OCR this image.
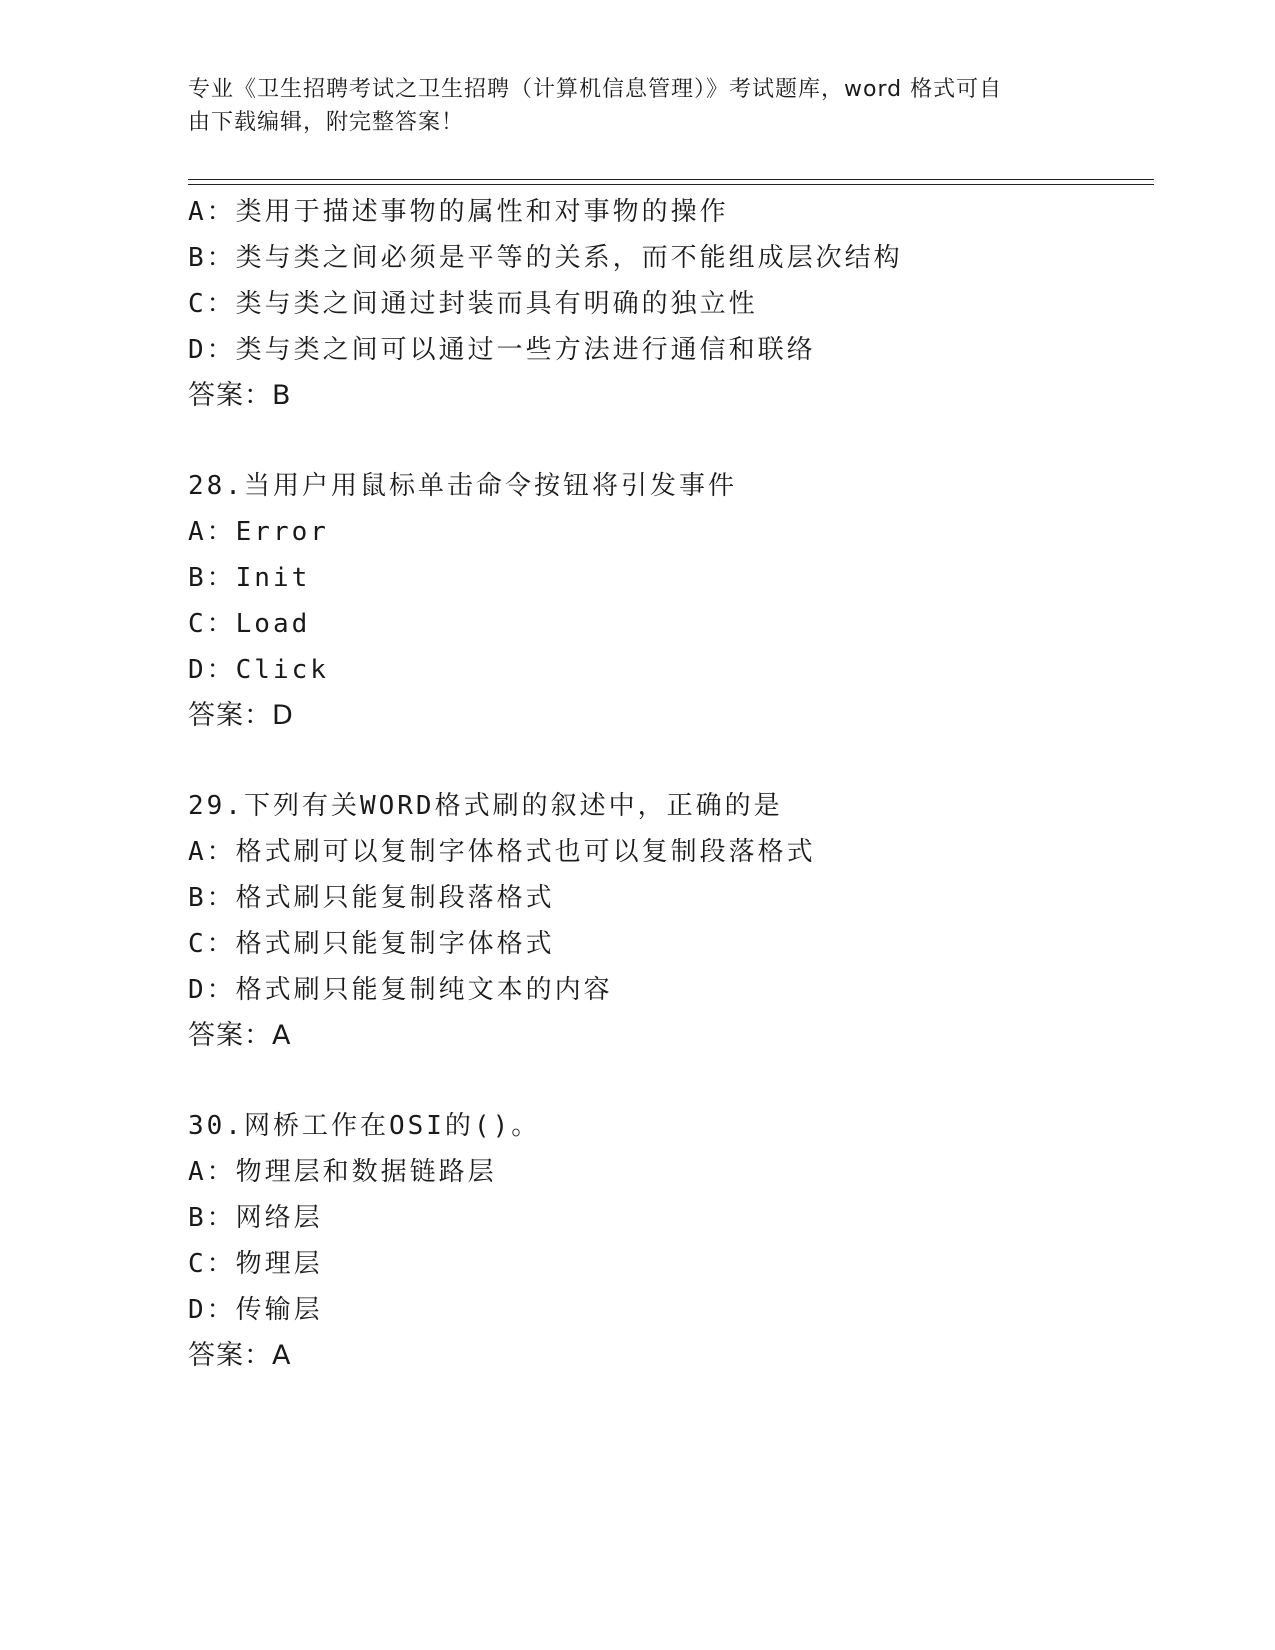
专业《卫生招聘考试之卫生招聘（计算机信息管理）》考试题库，word 格式可自
由下载编辑，附完整答案！
A：类用于描述事物的属性和对事物的操作
B：类与类之间必须是平等的关系，而不能组成层次结构
C：类与类之间通过封装而具有明确的独立性
D：类与类之间可以通过一些方法进行通信和联络
答案：B
28.当用户用鼠标单击命令按钮将引发事件
A：Error
B：Init
C：Load
D：Click
答案：D
29.下列有关WORD格式刷的叙述中，正确的是
A：格式刷可以复制字体格式也可以复制段落格式
B：格式刷只能复制段落格式
C：格式刷只能复制字体格式
D：格式刷只能复制纯文本的内容
答案：A
30.网桥工作在OSI的()。
A：物理层和数据链路层
B：网络层
C：物理层
D：传输层
答案：A
